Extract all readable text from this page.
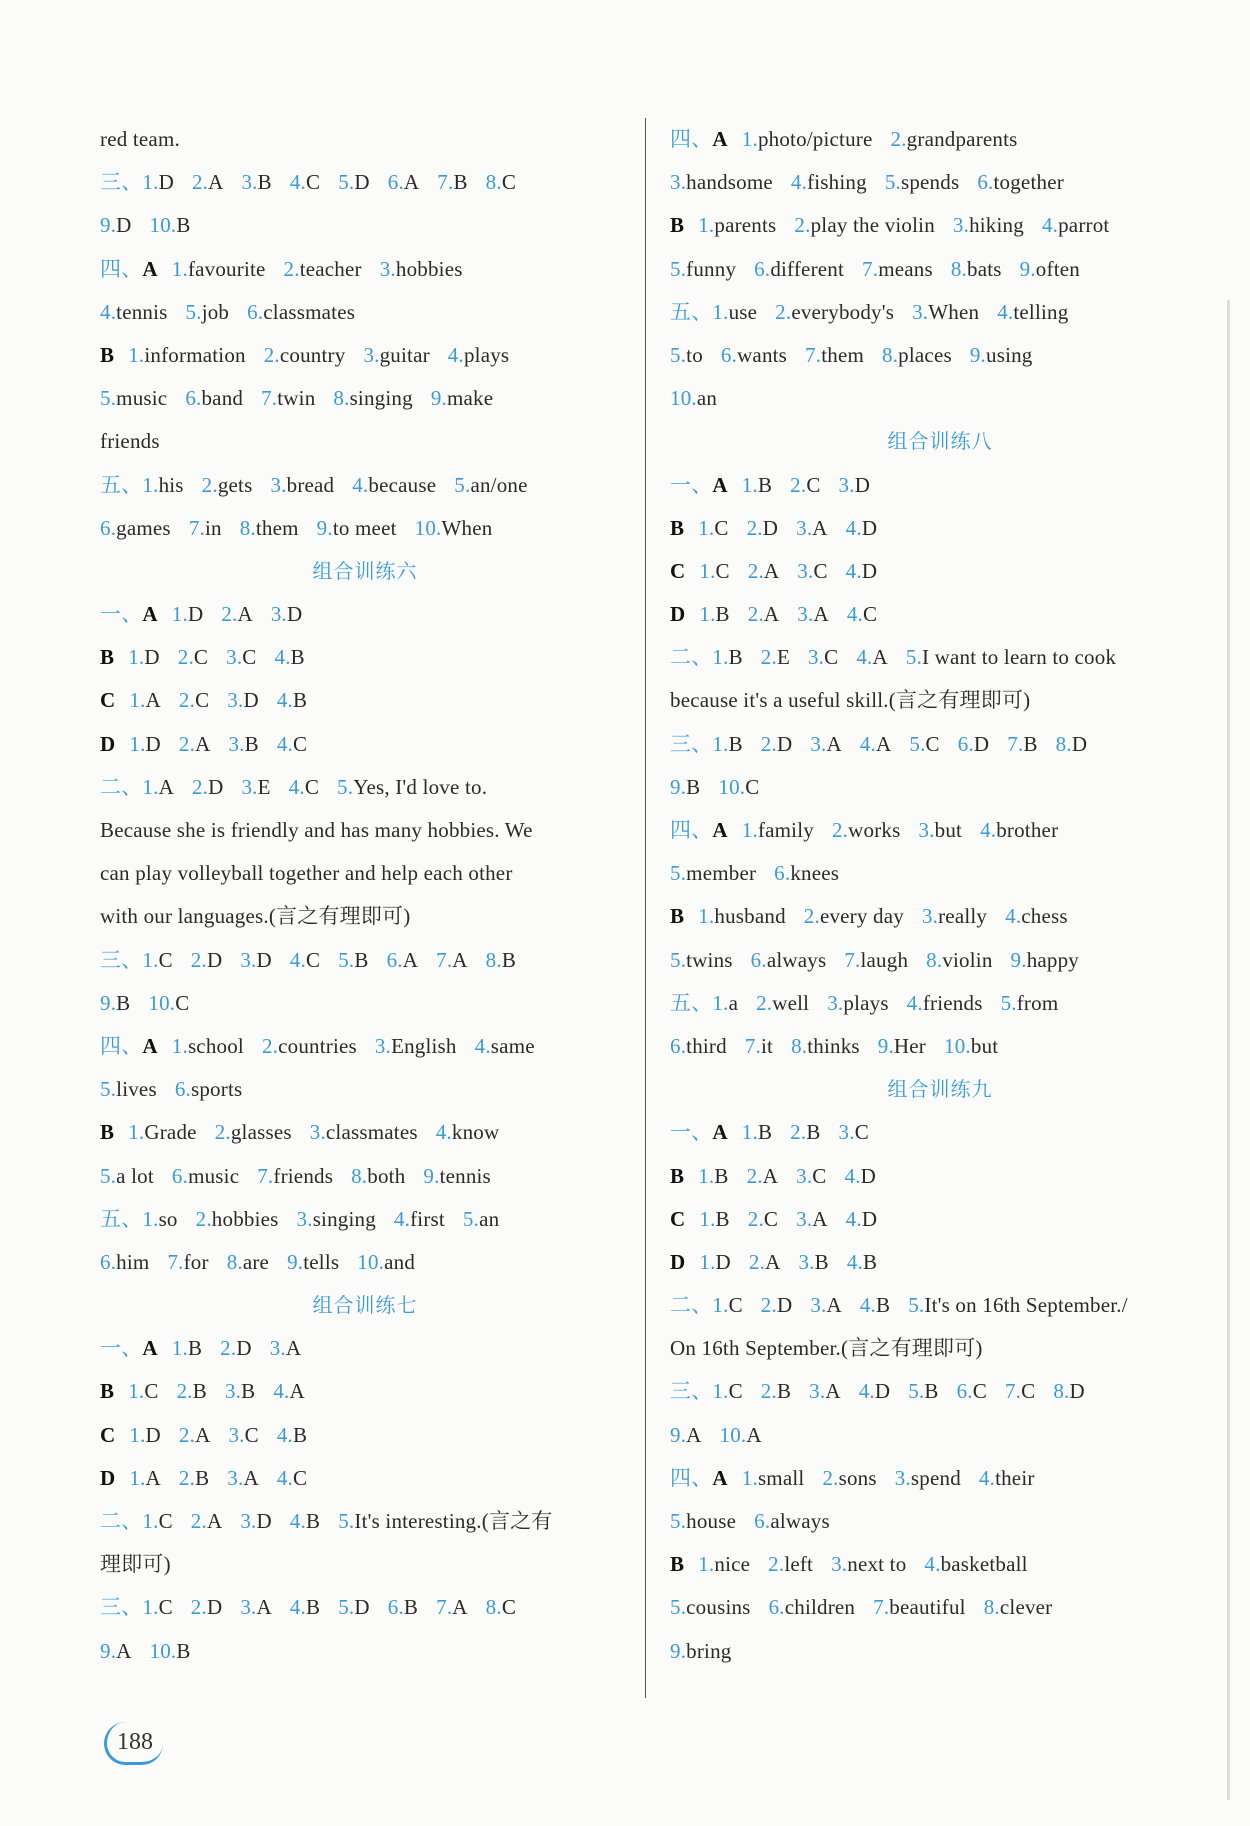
red team.
三、1.D 2.A 3.B 4.C 5.D 6.A 7.B 8.C
9.D 10.B
四、A 1.favourite 2.teacher 3.hobbies
4.tennis 5.job 6.classmates
B 1.information 2.country 3.guitar 4.plays
5.music 6.band 7.twin 8.singing 9.make
friends
五、1.his 2.gets 3.bread 4.because 5.an/one
6.games 7.in 8.them 9.to meet 10.When
组合训练六
一、A 1.D 2.A 3.D
B 1.D 2.C 3.C 4.B
C 1.A 2.C 3.D 4.B
D 1.D 2.A 3.B 4.C
二、1.A 2.D 3.E 4.C 5.Yes, I'd love to.
Because she is friendly and has many hobbies. We
can play volleyball together and help each other
with our languages.(言之有理即可)
三、1.C 2.D 3.D 4.C 5.B 6.A 7.A 8.B
9.B 10.C
四、A 1.school 2.countries 3.English 4.same
5.lives 6.sports
B 1.Grade 2.glasses 3.classmates 4.know
5.a lot 6.music 7.friends 8.both 9.tennis
五、1.so 2.hobbies 3.singing 4.first 5.an
6.him 7.for 8.are 9.tells 10.and
组合训练七
一、A 1.B 2.D 3.A
B 1.C 2.B 3.B 4.A
C 1.D 2.A 3.C 4.B
D 1.A 2.B 3.A 4.C
二、1.C 2.A 3.D 4.B 5.It's interesting.(言之有
理即可)
三、1.C 2.D 3.A 4.B 5.D 6.B 7.A 8.C
9.A 10.B
四、A 1.photo/picture 2.grandparents
3.handsome 4.fishing 5.spends 6.together
B 1.parents 2.play the violin 3.hiking 4.parrot
5.funny 6.different 7.means 8.bats 9.often
五、1.use 2.everybody's 3.When 4.telling
5.to 6.wants 7.them 8.places 9.using
10.an
组合训练八
一、A 1.B 2.C 3.D
B 1.C 2.D 3.A 4.D
C 1.C 2.A 3.C 4.D
D 1.B 2.A 3.A 4.C
二、1.B 2.E 3.C 4.A 5.I want to learn to cook
because it's a useful skill.(言之有理即可)
三、1.B 2.D 3.A 4.A 5.C 6.D 7.B 8.D
9.B 10.C
四、A 1.family 2.works 3.but 4.brother
5.member 6.knees
B 1.husband 2.every day 3.really 4.chess
5.twins 6.always 7.laugh 8.violin 9.happy
五、1.a 2.well 3.plays 4.friends 5.from
6.third 7.it 8.thinks 9.Her 10.but
组合训练九
一、A 1.B 2.B 3.C
B 1.B 2.A 3.C 4.D
C 1.B 2.C 3.A 4.D
D 1.D 2.A 3.B 4.B
二、1.C 2.D 3.A 4.B 5.It's on 16th September./
On 16th September.(言之有理即可)
三、1.C 2.B 3.A 4.D 5.B 6.C 7.C 8.D
9.A 10.A
四、A 1.small 2.sons 3.spend 4.their
5.house 6.always
B 1.nice 2.left 3.next to 4.basketball
5.cousins 6.children 7.beautiful 8.clever
9.bring
188
